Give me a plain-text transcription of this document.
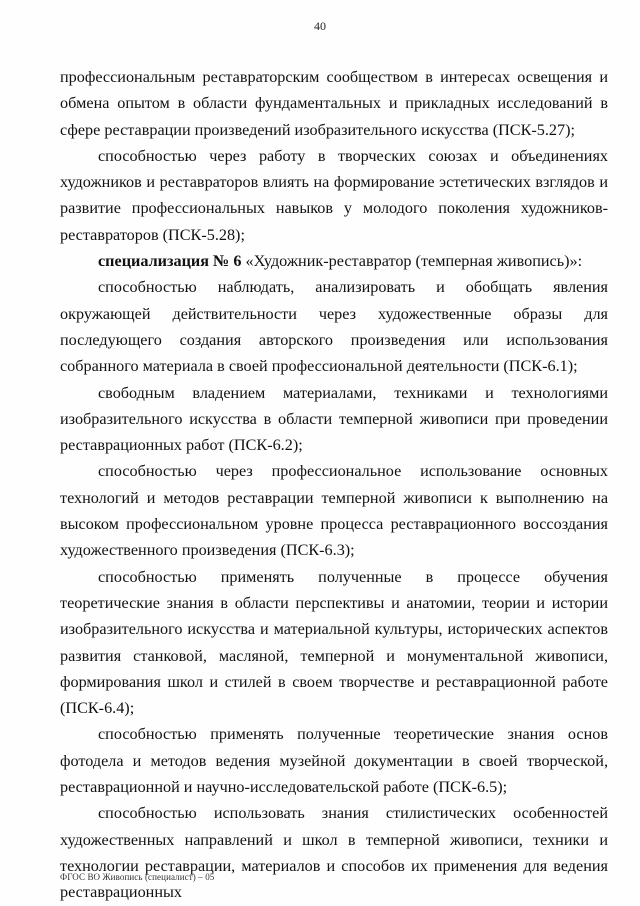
40

профессиональным реставраторским сообществом в интересах освещения и обмена опытом в области фундаментальных и прикладных исследований в сфере реставрации произведений изобразительного искусства (ПСК-5.27);

способностью через работу в творческих союзах и объединениях художников и реставраторов влиять на формирование эстетических взглядов и развитие профессиональных навыков у молодого поколения художников-реставраторов (ПСК-5.28);

специализация № 6 «Художник-реставратор (темперная живопись)»:

способностью наблюдать, анализировать и обобщать явления окружающей действительности через художественные образы для последующего создания авторского произведения или использования собранного материала в своей профессиональной деятельности (ПСК-6.1);

свободным владением материалами, техниками и технологиями изобразительного искусства в области темперной живописи при проведении реставрационных работ (ПСК-6.2);

способностью через профессиональное использование основных технологий и методов реставрации темперной живописи к выполнению на высоком профессиональном уровне процесса реставрационного воссоздания художественного произведения (ПСК-6.3);

способностью применять полученные в процессе обучения теоретические знания в области перспективы и анатомии, теории и истории изобразительного искусства и материальной культуры, исторических аспектов развития станковой, масляной, темперной и монументальной живописи, формирования школ и стилей в своем творчестве и реставрационной работе (ПСК-6.4);

способностью применять полученные теоретические знания основ фотодела и методов ведения музейной документации в своей творческой, реставрационной и научно-исследовательской работе (ПСК-6.5);

способностью использовать знания стилистических особенностей художественных направлений и школ в темперной живописи, техники и технологии реставрации, материалов и способов их применения для ведения реставрационных

ФГОС ВО Живопись (специалист) – 05
